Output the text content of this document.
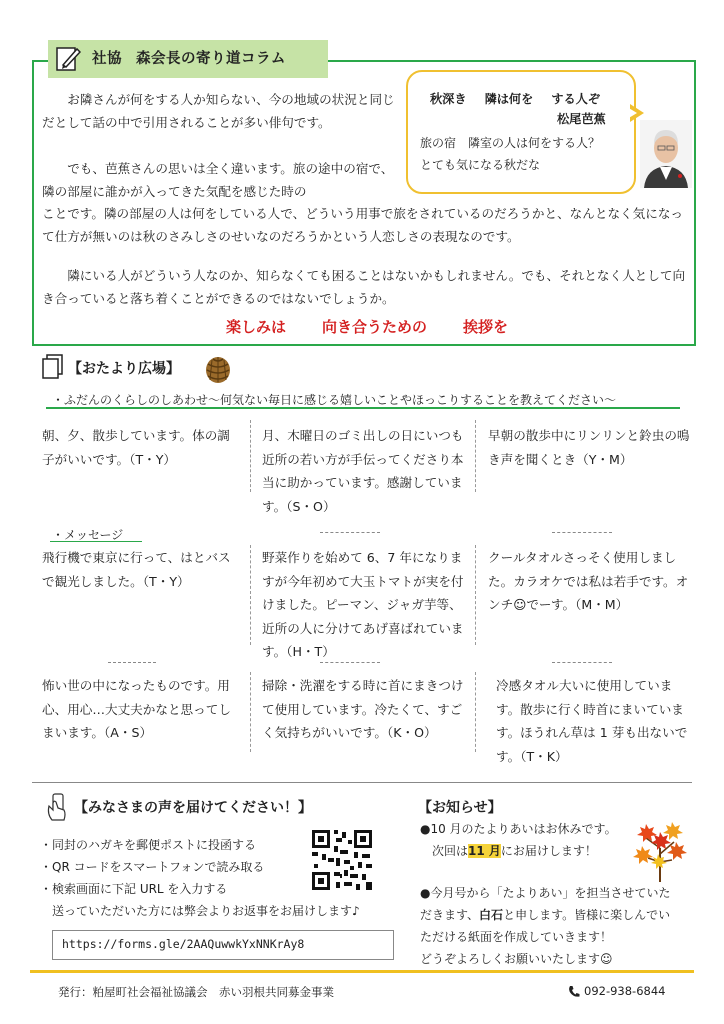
社協 森会長の寄り道コラム
お隣さんが何をする人か知らない、今の地域の状況と同じだとして話の中で引用されることが多い俳句です。
でも、芭蕉さんの思いは全く違います。旅の途中の宿で、隣の部屋に誰かが入ってきた気配を感じた時の
ことです。隣の部屋の人は何をしている人で、どういう用事で旅をされているのだろうかと、なんとなく気になって仕方が無いのは秋のさみしさのせいなのだろうかという人恋しさの表現なのです。
隣にいる人がどういう人なのか、知らなくても困ることはないかもしれません。でも、それとなく人として向き合っていると落ち着くことができるのではないでしょうか。
秋深き 隣は何を する人ぞ
松尾芭蕉
旅の宿　隣室の人は何をする人？
とても気になる秋だな
楽しみは 向き合うための 挨拶を
【おたより広場】
・ふだんのくらしのしあわせ～何気ない毎日に感じる嬉しいことやほっこりすることを教えてください～
朝、夕、散歩しています。体の調子がいいです。（T・Y）
月、木曜日のゴミ出しの日にいつも近所の若い方が手伝ってくださり本当に助かっています。感謝しています。（S・O）
早朝の散歩中にリンリンと鈴虫の鳴き声を聞くとき（Y・M）
・メッセージ
飛行機で東京に行って、はとバスで観光しました。（T・Y）
野菜作りを始めて 6、7 年になりますが今年初めて大玉トマトが実を付けました。ピーマン、ジャガ芋等、近所の人に分けてあげ喜ばれています。（H・T）
クールタオルさっそく使用しました。カラオケでは私は若手です。オンチ☺でーす。（M・M）
怖い世の中になったものです。用心、用心…大丈夫かなと思ってしまいます。（A・S）
掃除・洗濯をする時に首にまきつけて使用しています。冷たくて、すごく気持ちがいいです。（K・O）
冷感タオル大いに使用しています。散歩に行く時首にまいています。ほうれん草は 1 芽も出ないです。（T・K）
【みなさまの声を届けてください！】
・同封のハガキを郵便ポストに投函する
・QR コードをスマートフォンで読み取る
・検索画面に下記 URL を入力する
送っていただいた方には弊会よりお返事をお届けします♪
https://forms.gle/2AAQuwwkYxNNKrAy8
【お知らせ】
●10 月のたよりあいはお休みです。
次回は11 月にお届けします！
●今月号から「たよりあい」を担当させていた
だきます、白石と申します。皆様に楽しんでい
ただける紙面を作成していきます！
どうぞよろしくお願いいたします☺
発行：粕屋町社会福祉協議会　赤い羽根共同募金事業	092-938-6844
